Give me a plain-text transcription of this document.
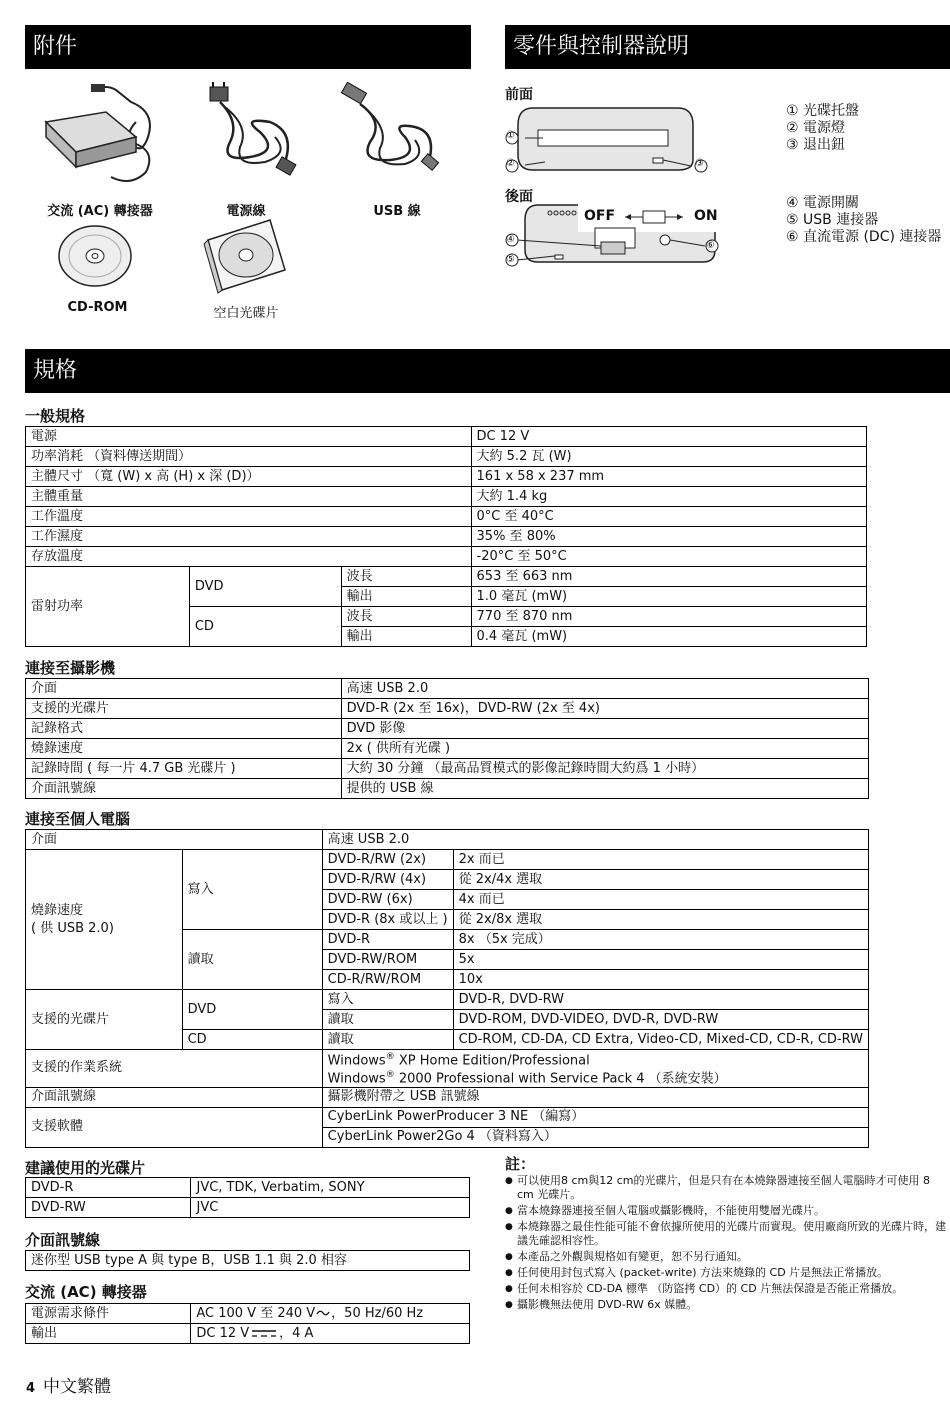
附件
交流 (AC) 轉接器	電源線	USB 線
CD-ROM	空白光碟片
零件與控制器說明
前面
①
②	③
後面
OFF	ON
④
⑤
⑥
① 光碟托盤
② 電源燈
③ 退出鈕
④ 電源開關
⑤ USB 連接器
⑥ 直流電源 (DC) 連接器
規格
一般規格
電源			DC 12 V
功率消耗 （資料傳送期間）			大約 5.2 瓦 (W)
主體尺寸 （寬 (W) x 高 (H) x 深 (D)）			161 x 58 x 237 mm
主體重量			大約 1.4 kg
工作溫度			0°C 至 40°C
工作濕度			35% 至 80%
存放溫度			-20°C 至 50°C
雷射功率	DVD	波長	653 至 663 nm
		輸出	1.0 毫瓦 (mW)
	CD	波長	770 至 870 nm
		輸出	0.4 毫瓦 (mW)
連接至攝影機
介面	高速 USB 2.0
支援的光碟片	DVD-R (2x 至 16x)，DVD-RW (2x 至 4x)
記錄格式	DVD 影像
燒錄速度	2x ( 供所有光碟 )
記錄時間 ( 每一片 4.7 GB 光碟片 )	大約 30 分鐘 （最高品質模式的影像記錄時間大約爲 1 小時）
介面訊號線	提供的 USB 線
連接至個人電腦
介面		高速 USB 2.0	

燒錄速度
( 供 USB 2.0)	寫入	DVD-R/RW (2x)	2x 而已
		DVD-R/RW (4x)	從 2x/4x 選取
		DVD-RW (6x)	4x 而已
		DVD-R (8x 或以上 )	從 2x/8x 選取
	讀取	DVD-R	8x （5x 完成）
		DVD-RW/ROM	5x
		CD-R/RW/ROM	10x
支援的光碟片	DVD	寫入	DVD-R, DVD-RW
		讀取	DVD-ROM, DVD-VIDEO, DVD-R, DVD-RW
	CD	讀取	CD-ROM, CD-DA, CD Extra, Video-CD, Mixed-CD, CD-R, CD-RW
支援的作業系統		Windows® XP Home Edition/Professional
Windows® 2000 Professional with Service Pack 4 （系統安裝）	

介面訊號線		攝影機附帶之 USB 訊號線	
支援軟體		CyberLink PowerProducer 3 NE （編寫）	
		CyberLink Power2Go 4 （資料寫入）	
建議使用的光碟片
DVD-R	JVC, TDK, Verbatim, SONY
DVD-RW	JVC
介面訊號線
迷你型 USB type A 與 type B，USB 1.1 與 2.0 相容
交流 (AC) 轉接器
電源需求條件	AC 100 V 至 240 V ，50 Hz/60 Hz
輸出	DC 12 V ，4 A
註：
● 可以使用8 cm與12 cm的光碟片，但是只有在本燒錄器連接至個人電腦時才可使用 8 cm 光碟片。
● 當本燒錄器連接至個人電腦或攝影機時，不能使用雙層光碟片。
● 本燒錄器之最佳性能可能不會依據所使用的光碟片而實現。使用廠商所致的光碟片時，建議先確認相容性。
● 本產品之外觀與規格如有變更，恕不另行通知。
● 任何使用封包式寫入 (packet-write) 方法來燒錄的 CD 片是無法正常播放。
● 任何未相容於 CD-DA 標準 （防盜拷 CD）的 CD 片無法保證是否能正常播放。
● 攝影機無法使用 DVD-RW 6x 媒體。
4 中文繁體
